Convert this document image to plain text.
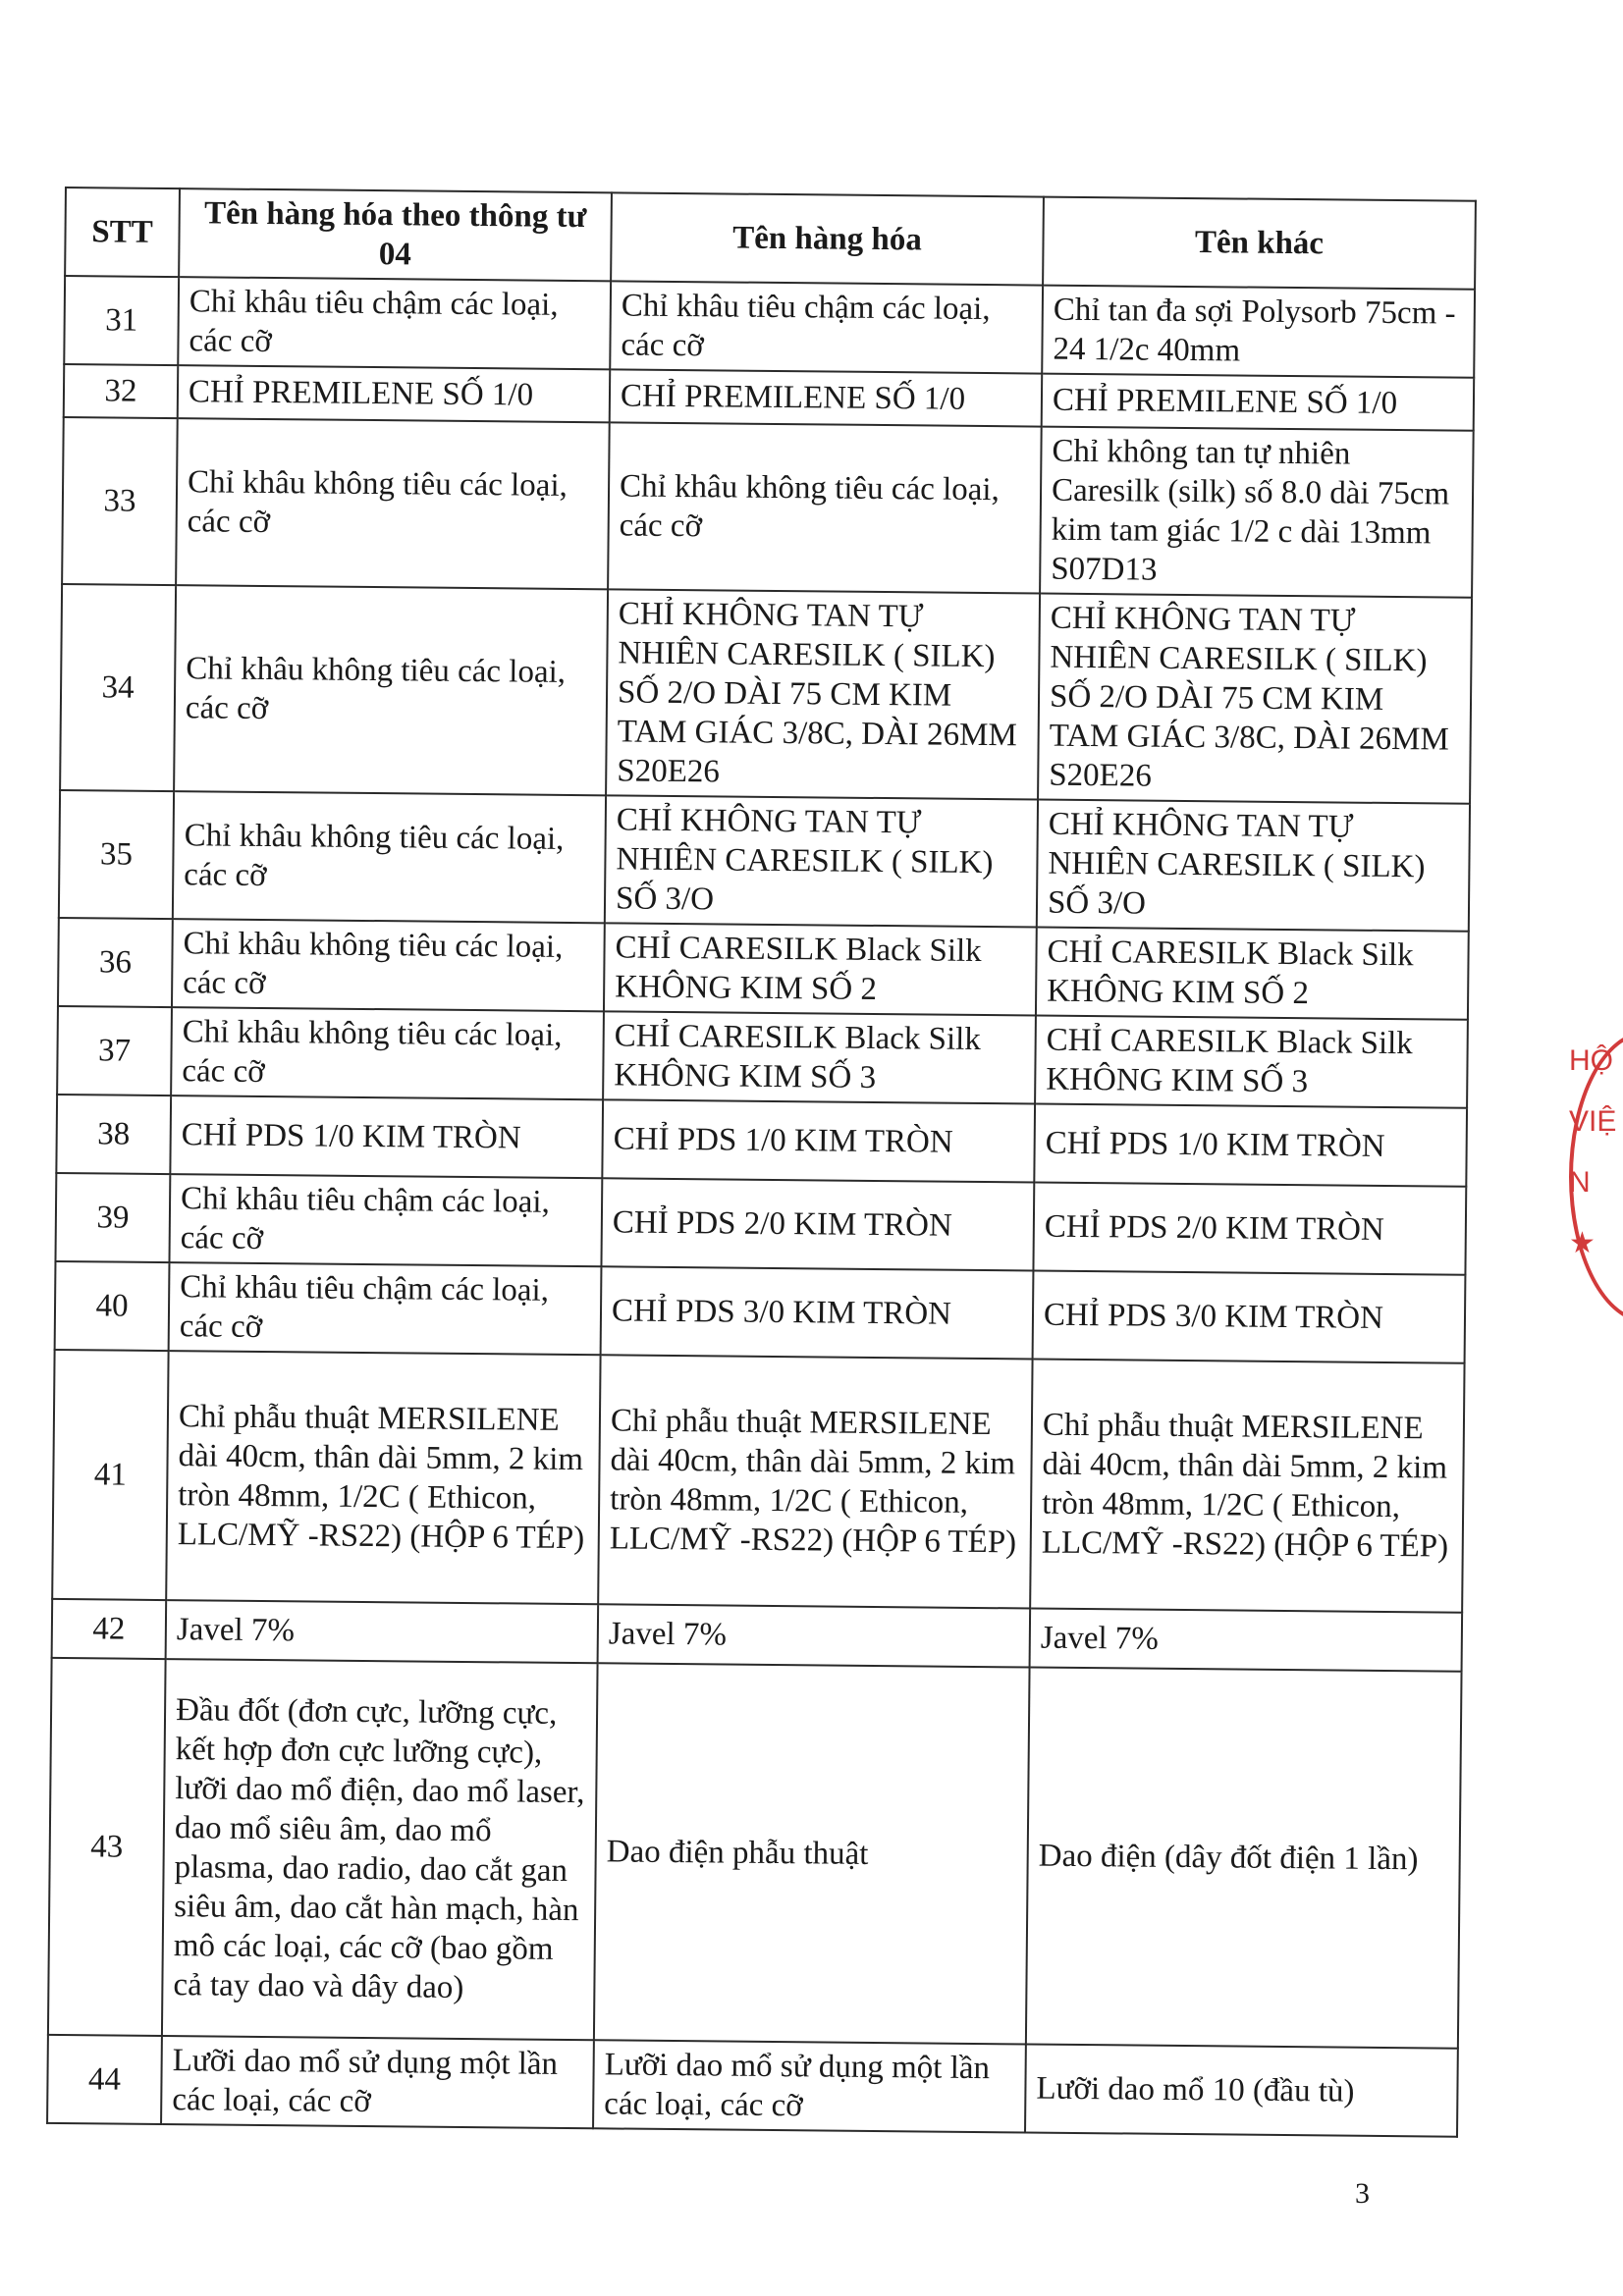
STT	Tên hàng hóa theo thông tư 04	Tên hàng hóa	Tên khác
31	Chỉ khâu tiêu chậm các loại, các cỡ	Chỉ khâu tiêu chậm các loại, các cỡ	Chỉ tan đa sợi Polysorb 75cm - 24 1/2c 40mm
32	CHỈ PREMILENE SỐ 1/0	CHỈ PREMILENE SỐ 1/0	CHỈ PREMILENE SỐ 1/0
33	Chỉ khâu không tiêu các loại, các cỡ	Chỉ khâu không tiêu các loại, các cỡ	Chỉ không tan tự nhiên Caresilk (silk) số 8.0 dài 75cm kim tam giác 1/2 c dài 13mm S07D13
34	Chỉ khâu không tiêu các loại, các cỡ	CHỈ KHÔNG TAN TỰ NHIÊN CARESILK ( SILK) SỐ 2/O DÀI 75 CM KIM TAM GIÁC 3/8C, DÀI 26MM S20E26	CHỈ KHÔNG TAN TỰ NHIÊN CARESILK ( SILK) SỐ 2/O DÀI 75 CM KIM TAM GIÁC 3/8C, DÀI 26MM S20E26
35	Chỉ khâu không tiêu các loại, các cỡ	CHỈ KHÔNG TAN TỰ NHIÊN CARESILK ( SILK) SỐ 3/O	CHỈ KHÔNG TAN TỰ NHIÊN CARESILK ( SILK) SỐ 3/O
36	Chỉ khâu không tiêu các loại, các cỡ	CHỈ CARESILK Black Silk KHÔNG KIM SỐ 2	CHỈ CARESILK Black Silk KHÔNG KIM SỐ 2
37	Chỉ khâu không tiêu các loại, các cỡ	CHỈ CARESILK Black Silk KHÔNG KIM SỐ 3	CHỈ CARESILK Black Silk KHÔNG KIM SỐ 3
38	CHỈ PDS 1/0 KIM TRÒN	CHỈ PDS 1/0 KIM TRÒN	CHỈ PDS 1/0 KIM TRÒN
39	Chỉ khâu tiêu chậm các loại, các cỡ	CHỈ PDS 2/0 KIM TRÒN	CHỈ PDS 2/0 KIM TRÒN
40	Chỉ khâu tiêu chậm các loại, các cỡ	CHỈ PDS 3/0 KIM TRÒN	CHỈ PDS 3/0 KIM TRÒN
41	Chỉ phẫu thuật MERSILENE dài 40cm, thân dài 5mm, 2 kim tròn 48mm, 1/2C ( Ethicon, LLC/MỸ -RS22) (HỘP 6 TÉP)	Chỉ phẫu thuật MERSILENE dài 40cm, thân dài 5mm, 2 kim tròn 48mm, 1/2C ( Ethicon, LLC/MỸ -RS22) (HỘP 6 TÉP)	Chỉ phẫu thuật MERSILENE dài 40cm, thân dài 5mm, 2 kim tròn 48mm, 1/2C ( Ethicon, LLC/MỸ -RS22) (HỘP 6 TÉP)
42	Javel 7%	Javel 7%	Javel 7%
43	Đầu đốt (đơn cực, lưỡng cực, kết hợp đơn cực lưỡng cực), lưỡi dao mổ điện, dao mổ laser, dao mổ siêu âm, dao mổ plasma, dao radio, dao cắt gan siêu âm, dao cắt hàn mạch, hàn mô các loại, các cỡ (bao gồm cả tay dao và dây dao)	Dao điện phẫu thuật	Dao điện (dây đốt điện 1 lần)
44	Lưỡi dao mổ sử dụng một lần các loại, các cỡ	Lưỡi dao mổ sử dụng một lần các loại, các cỡ	Lưỡi dao mổ 10 (đầu tù)
3
HỘ
VIỆ
N
★
